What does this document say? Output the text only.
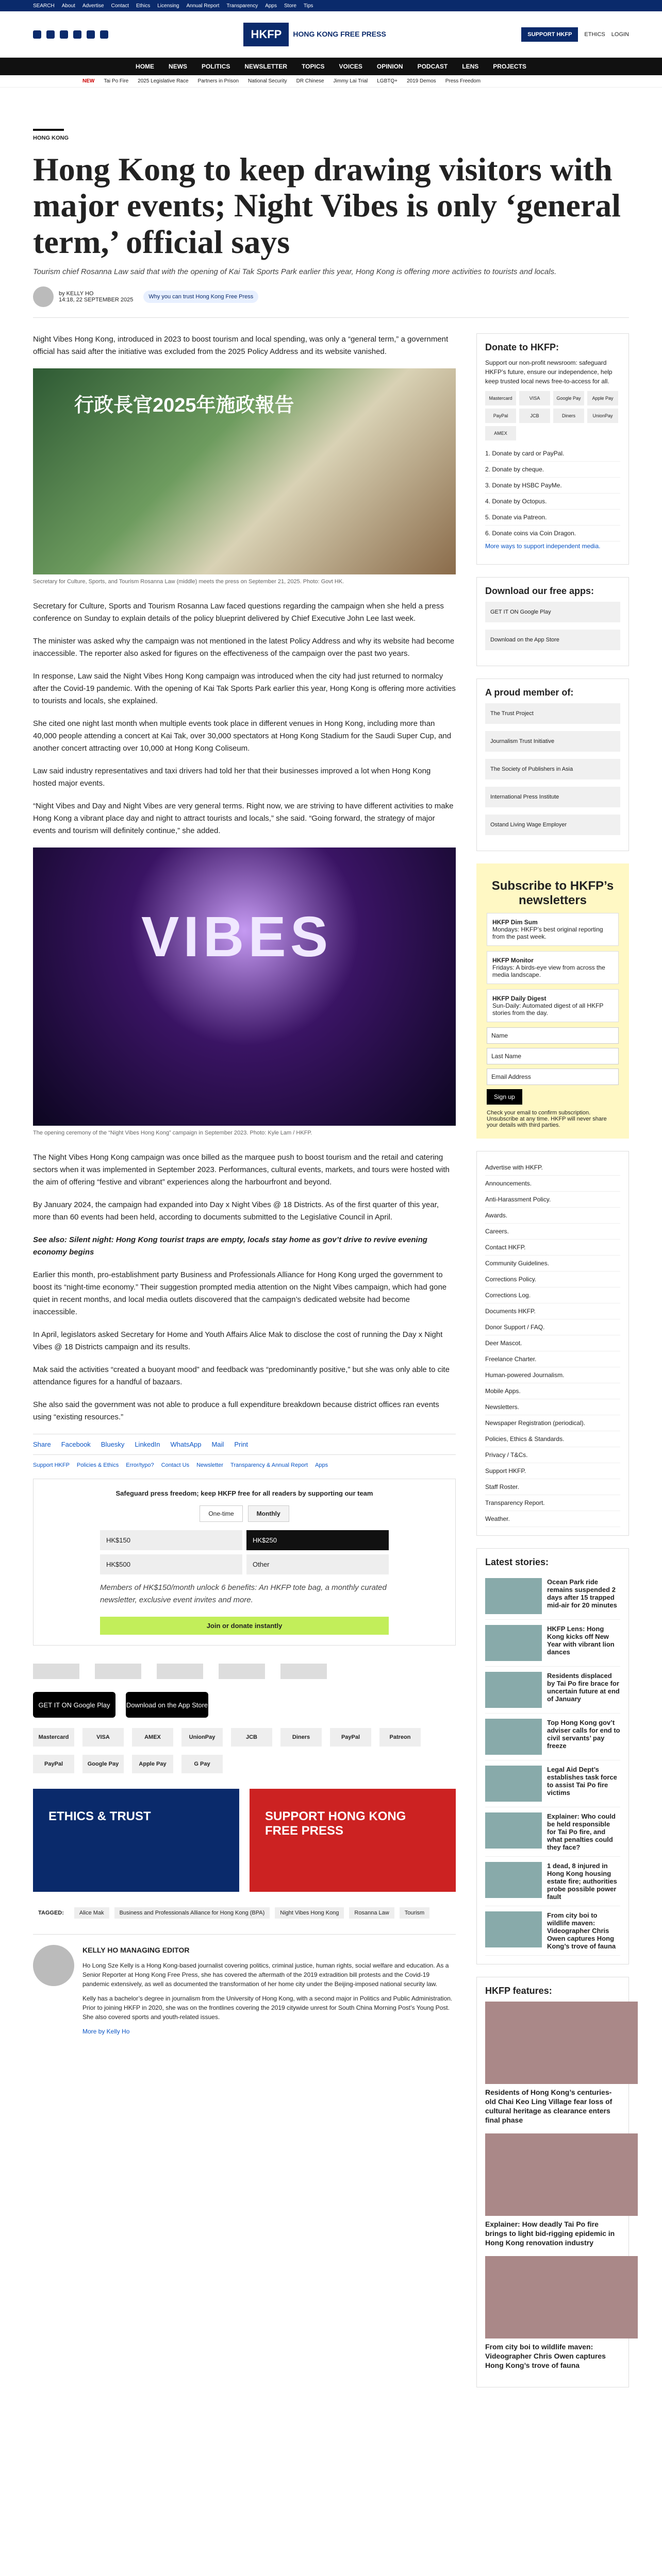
SEARCH About Advertise Contact Ethics Licensing Annual Report Transparency Apps Store Tips
HKFP	HONG KONG FREE PRESS	SUPPORT HKFP	ETHICS LOGIN
HOME NEWS POLITICS NEWSLETTER TOPICS VOICES OPINION PODCAST LENS PROJECTS
NEW Tai Po Fire 2025 Legislative Race Partners in Prison National Security DR Chinese Jimmy Lai Trial LGBTQ+ 2019 Demos Press Freedom
HONG KONG
Hong Kong to keep drawing visitors with major events; Night Vibes is only ‘general term,’ official says

Tourism chief Rosanna Law said that with the opening of Kai Tak Sports Park earlier this year, Hong Kong is offering more activities to tourists and locals.

by KELLY HO
14:18, 22 SEPTEMBER 2025	Why you can trust Hong Kong Free Press

Night Vibes Hong Kong, introduced in 2023 to boost tourism and local spending, was only a “general term,” a government official has said after the initiative was excluded from the 2025 Policy Address and its website vanished.

行政長官2025年施政報告
Secretary for Culture, Sports, and Tourism Rosanna Law (middle) meets the press on September 21, 2025. Photo: Govt HK.

Secretary for Culture, Sports and Tourism Rosanna Law faced questions regarding the campaign when she held a press conference on Sunday to explain details of the policy blueprint delivered by Chief Executive John Lee last week.

The minister was asked why the campaign was not mentioned in the latest Policy Address and why its website had become inaccessible. The reporter also asked for figures on the effectiveness of the campaign over the past two years.

In response, Law said the Night Vibes Hong Kong campaign was introduced when the city had just returned to normalcy after the Covid-19 pandemic. With the opening of Kai Tak Sports Park earlier this year, Hong Kong is offering more activities to tourists and locals, she explained.

She cited one night last month when multiple events took place in different venues in Hong Kong, including more than 40,000 people attending a concert at Kai Tak, over 30,000 spectators at Hong Kong Stadium for the Saudi Super Cup, and another concert attracting over 10,000 at Hong Kong Coliseum.

Law said industry representatives and taxi drivers had told her that their businesses improved a lot when Hong Kong hosted major events.

“Night Vibes and Day and Night Vibes are very general terms. Right now, we are striving to have different activities to make Hong Kong a vibrant place day and night to attract tourists and locals,” she said. “Going forward, the strategy of major events and tourism will definitely continue,” she added.

VIBES
The opening ceremony of the “Night Vibes Hong Kong” campaign in September 2023. Photo: Kyle Lam / HKFP.

The Night Vibes Hong Kong campaign was once billed as the marquee push to boost tourism and the retail and catering sectors when it was implemented in September 2023. Performances, cultural events, markets, and tours were hosted with the aim of offering “festive and vibrant” experiences along the harbourfront and beyond.

By January 2024, the campaign had expanded into Day x Night Vibes @ 18 Districts. As of the first quarter of this year, more than 60 events had been held, according to documents submitted to the Legislative Council in April.

See also: Silent night: Hong Kong tourist traps are empty, locals stay home as gov’t drive to revive evening economy begins

Earlier this month, pro-establishment party Business and Professionals Alliance for Hong Kong urged the government to boost its “night-time economy.” Their suggestion prompted media attention on the Night Vibes campaign, which had gone quiet in recent months, and local media outlets discovered that the campaign’s dedicated website had become inaccessible.

In April, legislators asked Secretary for Home and Youth Affairs Alice Mak to disclose the cost of running the Day x Night Vibes @ 18 Districts campaign and its results.

Mak said the activities “created a buoyant mood” and feedback was “predominantly positive,” but she was only able to cite attendance figures for a handful of bazaars.

She also said the government was not able to produce a full expenditure breakdown because district offices ran events using “existing resources.”

Share Facebook Bluesky LinkedIn WhatsApp Mail Print
Support HKFP Policies & Ethics Error/typo? Contact Us Newsletter Transparency & Annual Report Apps
Safeguard press freedom; keep HKFP free for all readers by supporting our team
One-time	Monthly
HK$150	HK$250
HK$500	Other

Members of HK$150/month unlock 6 benefits: An HKFP tote bag, a monthly curated newsletter, exclusive event invites and more.

Join or donate instantly
GET IT ON Google Play	Download on the App Store
Mastercard	VISA	AMEX	UnionPay	JCB	Diners	PayPal	Patreon
PayPal	Google Pay	Apple Pay	G Pay
ETHICS & TRUST	SUPPORT HONG KONG FREE PRESS
TAGGED:	Alice Mak	Business and Professionals Alliance for Hong Kong (BPA)	Night Vibes Hong Kong	Rosanna Law	Tourism

KELLY HO MANAGING EDITOR

Ho Long Sze Kelly is a Hong Kong-based journalist covering politics, criminal justice, human rights, social welfare and education. As a Senior Reporter at Hong Kong Free Press, she has covered the aftermath of the 2019 extradition bill protests and the Covid-19 pandemic extensively, as well as documented the transformation of her home city under the Beijing-imposed national security law.

Kelly has a bachelor’s degree in journalism from the University of Hong Kong, with a second major in Politics and Public Administration. Prior to joining HKFP in 2020, she was on the frontlines covering the 2019 citywide unrest for South China Morning Post’s Young Post. She also covered sports and youth-related issues.

More by Kelly Ho

Donate to HKFP:

Support our non-profit newsroom: safeguard HKFP’s future, ensure our independence, help keep trusted local news free-to-access for all.

Mastercard	VISA	Google Pay	Apple Pay
PayPal	JCB	Diners	UnionPay
AMEX
1. Donate by card or PayPal.
2. Donate by cheque.
3. Donate by HSBC PayMe.
4. Donate by Octopus.
5. Donate via Patreon.
6. Donate coins via Coin Dragon.

More ways to support independent media.

Download our free apps:
GET IT ON Google Play
Download on the App Store
A proud member of:
The Trust Project
Journalism Trust Initiative
The Society of Publishers in Asia
International Press Institute
Ostand Living Wage Employer
Subscribe to HKFP’s newsletters
HKFP Dim Sum
Mondays: HKFP’s best original reporting from the past week.
HKFP Monitor
Fridays: A birds-eye view from across the media landscape.
HKFP Daily Digest
Sun-Daily: Automated digest of all HKFP stories from the day.
Name
Last Name
Email Address
Sign up

Check your email to confirm subscription. Unsubscribe at any time. HKFP will never share your details with third parties.

Advertise with HKFP.
Announcements.
Anti-Harassment Policy.
Awards.
Careers.
Contact HKFP.
Community Guidelines.
Corrections Policy.
Corrections Log.
Documents HKFP.
Donor Support / FAQ.
Deer Mascot.
Freelance Charter.
Human-powered Journalism.
Mobile Apps.
Newsletters.
Newspaper Registration (periodical).
Policies, Ethics & Standards.
Privacy / T&Cs.
Support HKFP.
Staff Roster.
Transparency Report.
Weather.
Latest stories:
Ocean Park ride remains suspended 2 days after 15 trapped mid-air for 20 minutes
HKFP Lens: Hong Kong kicks off New Year with vibrant lion dances
Residents displaced by Tai Po fire brace for uncertain future at end of January
Top Hong Kong gov’t adviser calls for end to civil servants’ pay freeze
Legal Aid Dept’s establishes task force to assist Tai Po fire victims
Explainer: Who could be held responsible for Tai Po fire, and what penalties could they face?
1 dead, 8 injured in Hong Kong housing estate fire; authorities probe possible power fault
From city boi to wildlife maven: Videographer Chris Owen captures Hong Kong’s trove of fauna
HKFP features:
Residents of Hong Kong’s centuries-old Chai Keo Ling Village fear loss of cultural heritage as clearance enters final phase
Explainer: How deadly Tai Po fire brings to light bid-rigging epidemic in Hong Kong renovation industry
From city boi to wildlife maven: Videographer Chris Owen captures Hong Kong’s trove of fauna
